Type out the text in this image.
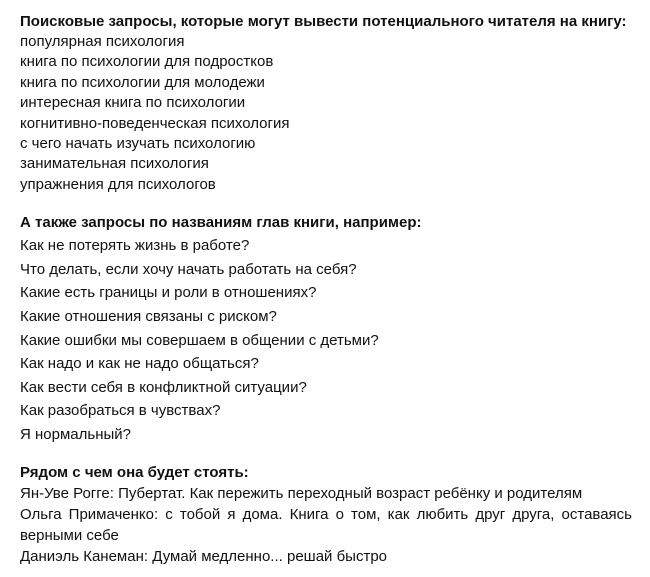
Поисковые запросы, которые могут вывести потенциального читателя на книгу:
популярная психология
книга по психологии для подростков
книга по психологии для молодежи
интересная книга по психологии
когнитивно-поведенческая психология
с чего начать изучать психологию
занимательная психология
упражнения для психологов
А также запросы по названиям глав книги, например:
Как не потерять жизнь в работе?
Что делать, если хочу начать работать на себя?
Какие есть границы и роли в отношениях?
Какие отношения связаны с риском?
Какие ошибки мы совершаем в общении с детьми?
Как надо и как не надо общаться?
Как вести себя в конфликтной ситуации?
Как разобраться в чувствах?
Я нормальный?
Рядом с чем она будет стоять:
Ян-Уве Рогге: Пубертат. Как пережить переходный возраст ребёнку и родителям
Ольга Примаченко: с тобой я дома. Книга о том, как любить друг друга, оставаясь верными себе
Даниэль Канеман: Думай медленно... решай быстро
